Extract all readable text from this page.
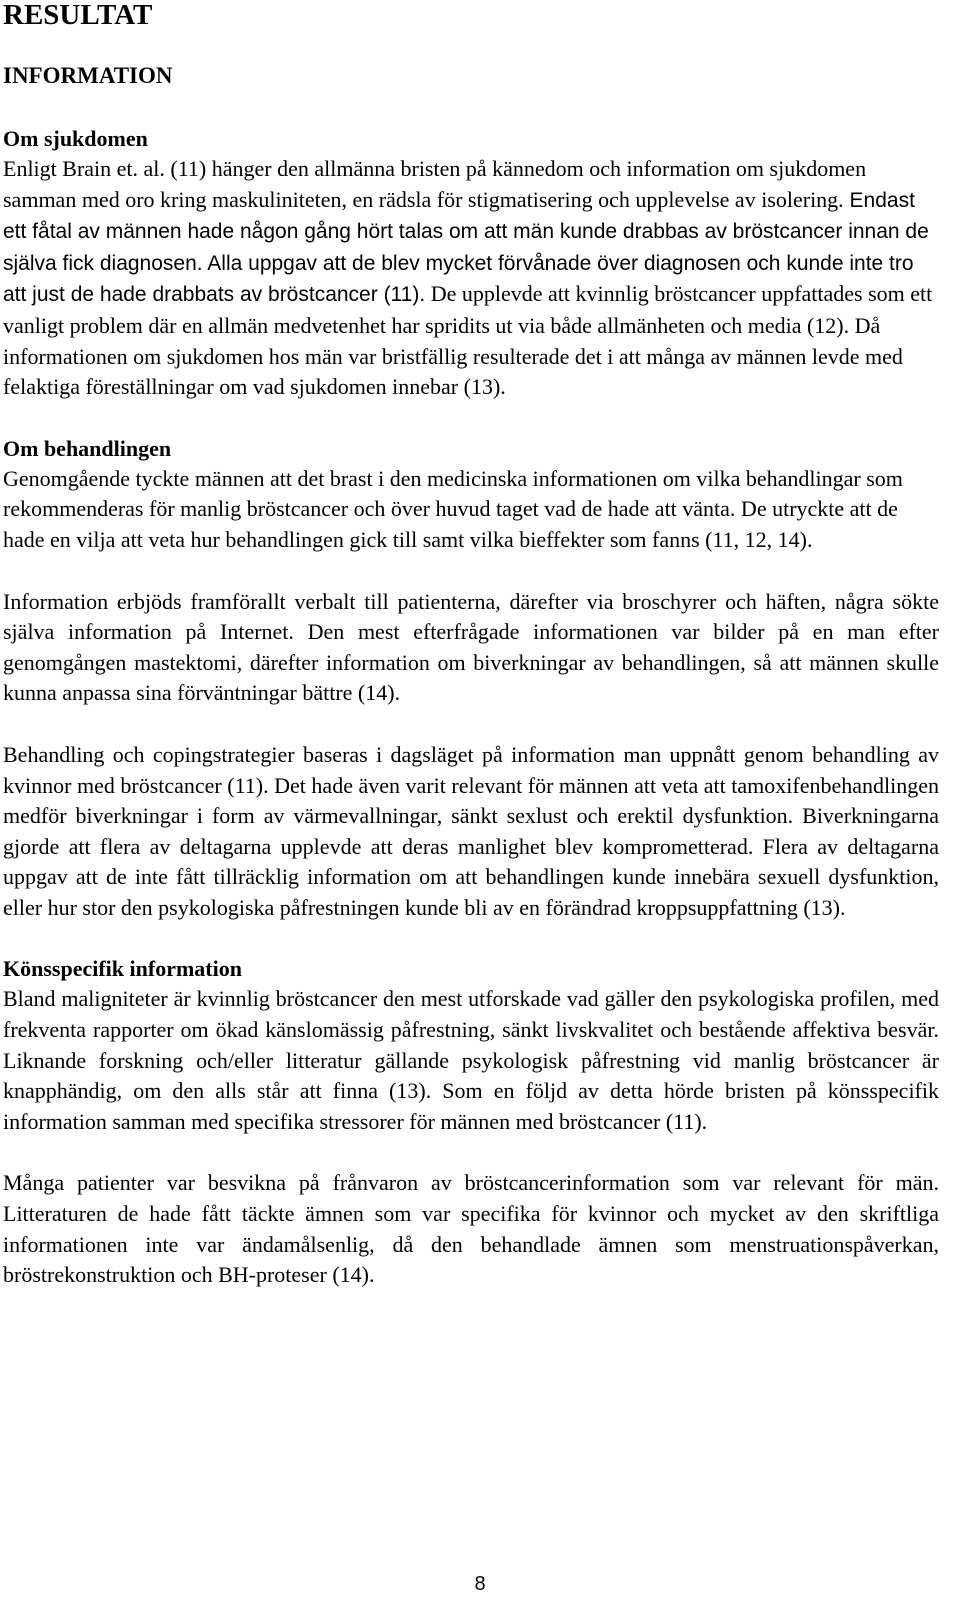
RESULTAT
INFORMATION
Om sjukdomen

Enligt Brain et. al. (11) hänger den allmänna bristen på kännedom och information om sjukdomen samman med oro kring maskuliniteten, en rädsla för stigmatisering och upplevelse av isolering. Endast ett fåtal av männen hade någon gång hört talas om att män kunde drabbas av bröstcancer innan de själva fick diagnosen. Alla uppgav att de blev mycket förvånade över diagnosen och kunde inte tro att just de hade drabbats av bröstcancer (11). De upplevde att kvinnlig bröstcancer uppfattades som ett vanligt problem där en allmän medvetenhet har spridits ut via både allmänheten och media (12). Då informationen om sjukdomen hos män var bristfällig resulterade det i att många av männen levde med felaktiga föreställningar om vad sjukdomen innebar (13).

Om behandlingen

Genomgående tyckte männen att det brast i den medicinska informationen om vilka behandlingar som rekommenderas för manlig bröstcancer och över huvud taget vad de hade att vänta. De utryckte att de hade en vilja att veta hur behandlingen gick till samt vilka bieffekter som fanns (11, 12, 14).

Information erbjöds framförallt verbalt till patienterna, därefter via broschyrer och häften, några sökte själva information på Internet. Den mest efterfrågade informationen var bilder på en man efter genomgången mastektomi, därefter information om biverkningar av behandlingen, så att männen skulle kunna anpassa sina förväntningar bättre (14).

Behandling och copingstrategier baseras i dagsläget på information man uppnått genom behandling av kvinnor med bröstcancer (11). Det hade även varit relevant för männen att veta att tamoxifenbehandlingen medför biverkningar i form av värmevallningar, sänkt sexlust och erektil dysfunktion. Biverkningarna gjorde att flera av deltagarna upplevde att deras manlighet blev komprometterad. Flera av deltagarna uppgav att de inte fått tillräcklig information om att behandlingen kunde innebära sexuell dysfunktion, eller hur stor den psykologiska påfrestningen kunde bli av en förändrad kroppsuppfattning (13).

Könsspecifik information

Bland maligniteter är kvinnlig bröstcancer den mest utforskade vad gäller den psykologiska profilen, med frekventa rapporter om ökad känslomässig påfrestning, sänkt livskvalitet och bestående affektiva besvär. Liknande forskning och/eller litteratur gällande psykologisk påfrestning vid manlig bröstcancer är knapphändig, om den alls står att finna (13). Som en följd av detta hörde bristen på könsspecifik information samman med specifika stressorer för männen med bröstcancer (11).

Många patienter var besvikna på frånvaron av bröstcancerinformation som var relevant för män. Litteraturen de hade fått täckte ämnen som var specifika för kvinnor och mycket av den skriftliga informationen inte var ändamålsenlig, då den behandlade ämnen som menstruationspåverkan, bröstrekonstruktion och BH-proteser (14).

8
